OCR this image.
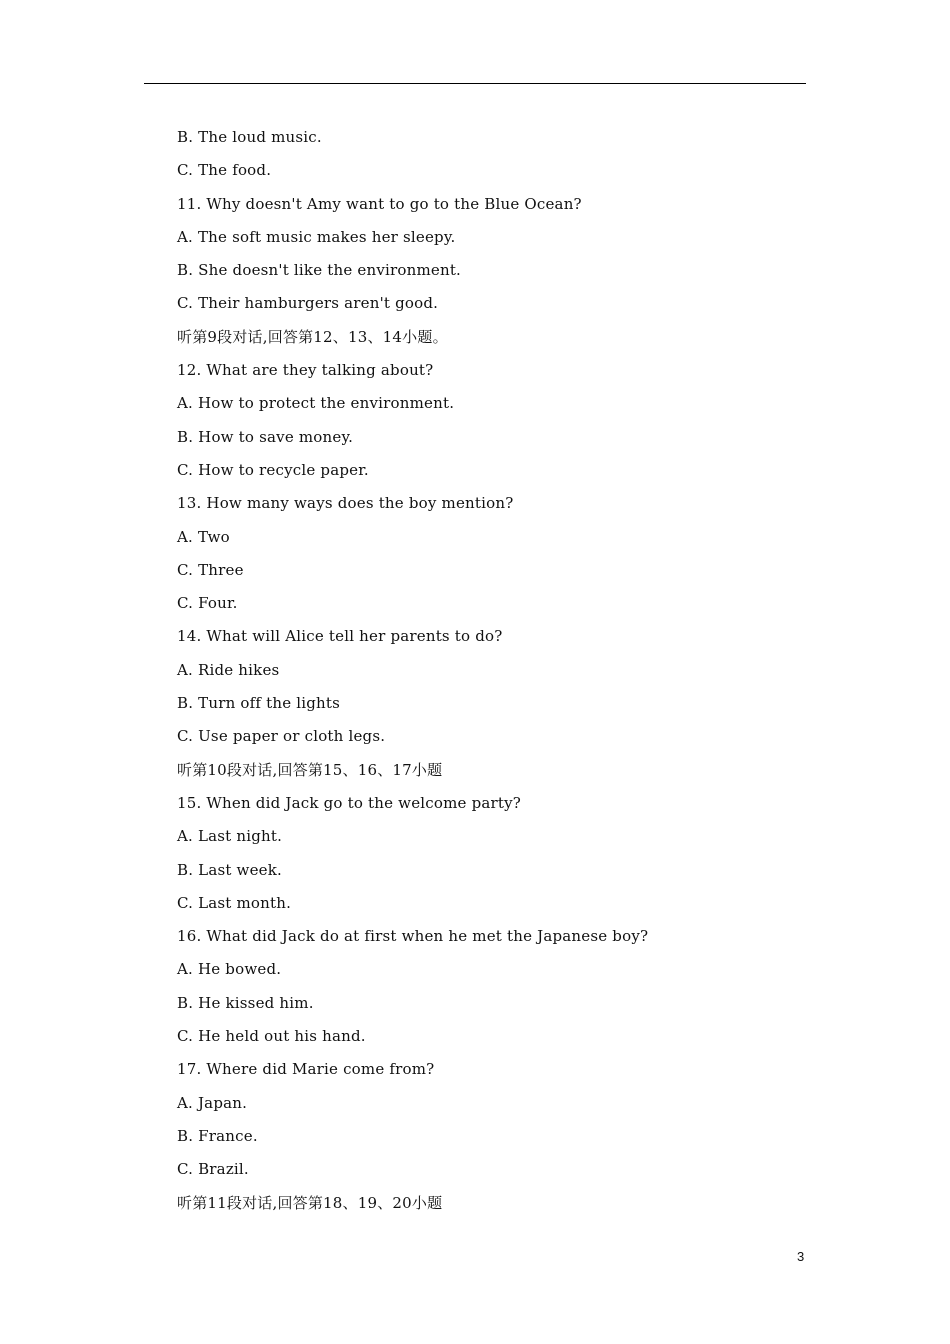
B. The loud music.
C. The food.
11. Why doesn't Amy want to go to the Blue Ocean?
A. The soft music makes her sleepy.
B. She doesn't like the environment.
C. Their hamburgers aren't good.
听第9段对话,回答第12、13、14小题。
12. What are they talking about?
A. How to protect the environment.
B. How to save money.
C. How to recycle paper.
13. How many ways does the boy mention?
A. Two
C. Three
C. Four.
14. What will Alice tell her parents to do?
A. Ride hikes
B. Turn off the lights
C. Use paper or cloth legs.
听第10段对话,回答第15、16、17小题
15. When did Jack go to the welcome party?
A. Last night.
B. Last week.
C. Last month.
16. What did Jack do at first when he met the Japanese boy?
A. He bowed.
B. He kissed him.
C. He held out his hand.
17. Where did Marie come from?
A. Japan.
B. France.
C. Brazil.
听第11段对话,回答第18、19、20小题
3
